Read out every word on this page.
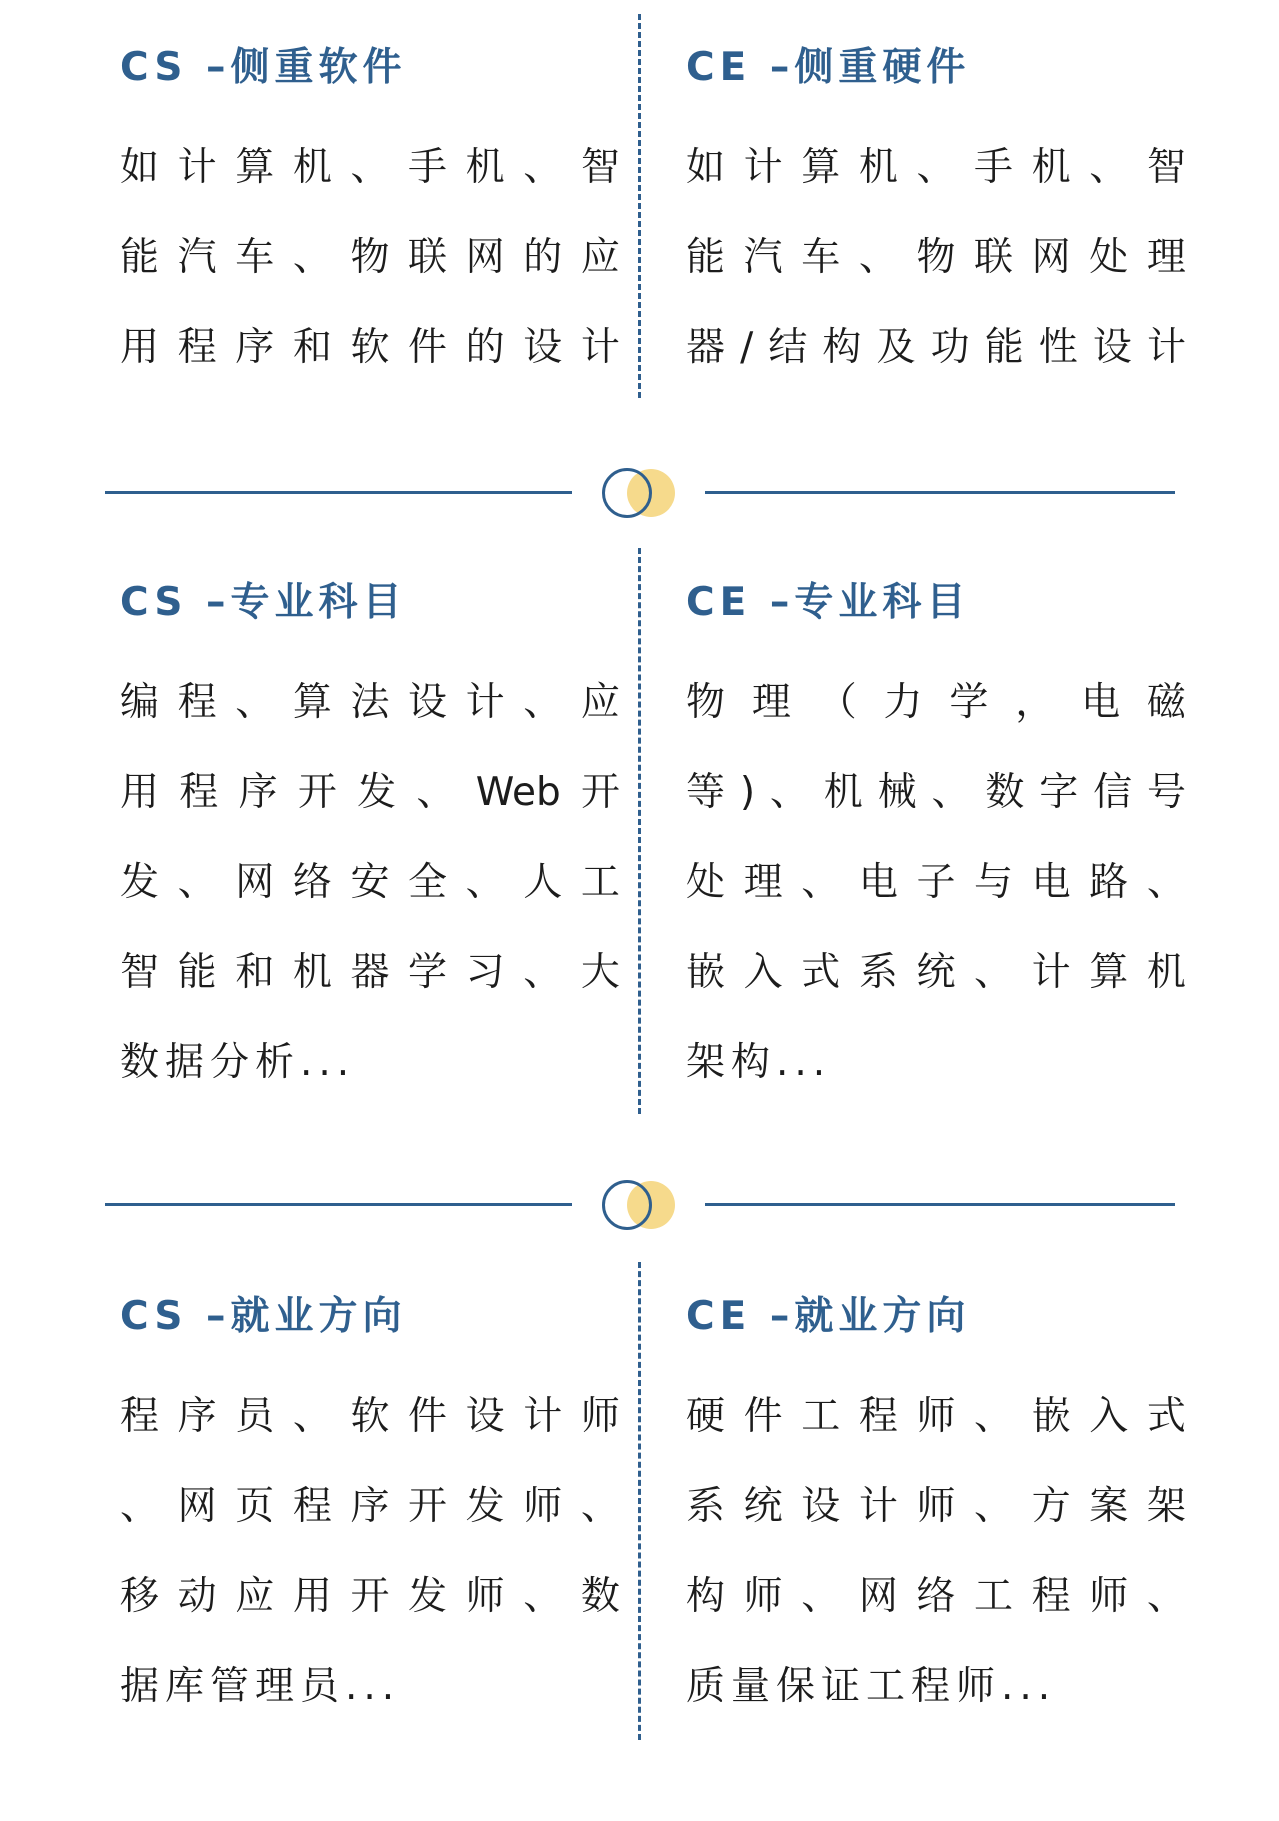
CS –侧重软件
如 计 算 机 、 手 机 、 智
能 汽 车 、 物 联 网 的 应
用 程 序 和 软 件 的 设 计
CE –侧重硬件
如 计 算 机 、 手 机 、 智
能 汽 车 、 物 联 网 处 理
器 / 结 构 及 功 能 性 设 计
CS –专业科目
编 程 、 算 法 设 计 、 应
用 程 序 开 发 、 Web 开
发 、 网 络 安 全 、 人 工
智 能 和 机 器 学 习 、 大
数据分析...
CE –专业科目
物 理 （ 力 学 ， 电 磁
等 ) 、 机 械 、 数 字 信 号
处 理 、 电 子 与 电 路 、
嵌 入 式 系 统 、 计 算 机
架构...
CS –就业方向
程 序 员 、 软 件 设 计 师
、 网 页 程 序 开 发 师 、
移 动 应 用 开 发 师 、 数
据库管理员...
CE –就业方向
硬 件 工 程 师 、 嵌 入 式
系 统 设 计 师 、 方 案 架
构 师 、 网 络 工 程 师 、
质量保证工程师...
